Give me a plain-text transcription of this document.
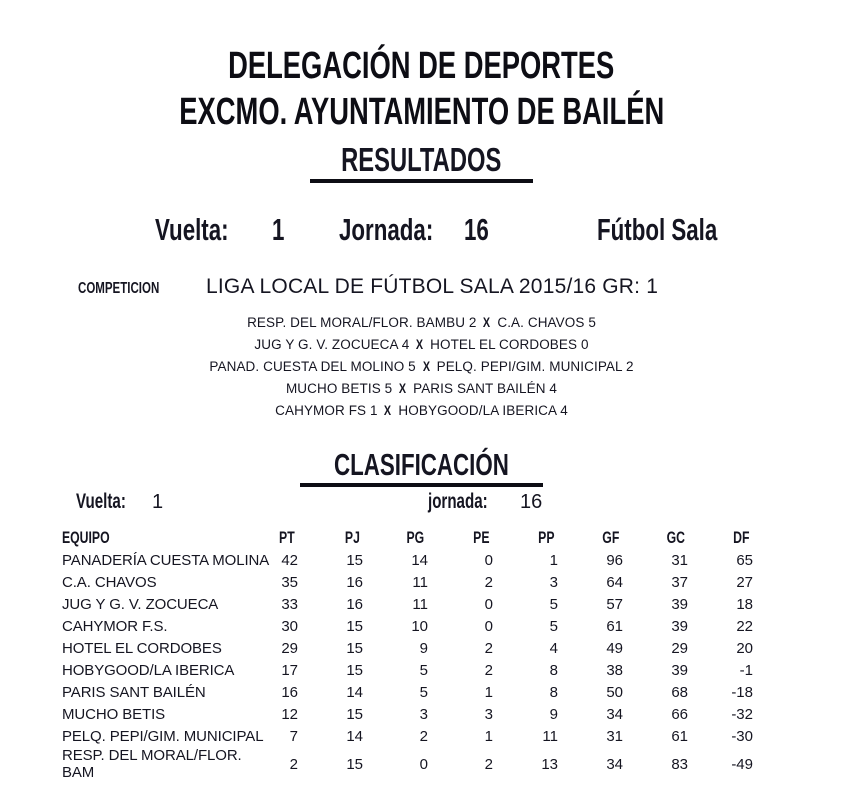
DELEGACIÓN DE DEPORTES
EXCMO. AYUNTAMIENTO DE BAILÉN
RESULTADOS
Vuelta:	1 Jornada: 16	Fútbol Sala
COMPETICION	LIGA LOCAL DE FÚTBOL SALA 2015/16 GR: 1
RESP. DEL MORAL/FLOR. BAMBU 2 X C.A. CHAVOS 5
JUG Y G. V. ZOCUECA 4 X HOTEL EL CORDOBES 0
PANAD. CUESTA DEL MOLINO 5 X PELQ. PEPI/GIM. MUNICIPAL 2
MUCHO BETIS 5 X PARIS SANT BAILÉN 4
CAHYMOR FS 1 X HOBYGOOD/LA IBERICA 4
CLASIFICACIÓN
Vuelta:	1	jornada:	16
EQUIPO	PT	PJ	PG	PE	PP	GF	GC	DF
PANADERÍA CUESTA MOLINA	42	15	14	0	1	96	31	65
C.A. CHAVOS	35	16	11	2	3	64	37	27
JUG Y G. V. ZOCUECA	33	16	11	0	5	57	39	18
CAHYMOR F.S.	30	15	10	0	5	61	39	22
HOTEL EL CORDOBES	29	15	9	2	4	49	29	20
HOBYGOOD/LA IBERICA	17	15	5	2	8	38	39	-1
PARIS SANT BAILÉN	16	14	5	1	8	50	68	-18
MUCHO BETIS	12	15	3	3	9	34	66	-32
PELQ. PEPI/GIM. MUNICIPAL	7	14	2	1	11	31	61	-30
RESP. DEL MORAL/FLOR. BAM	2	15	0	2	13	34	83	-49
